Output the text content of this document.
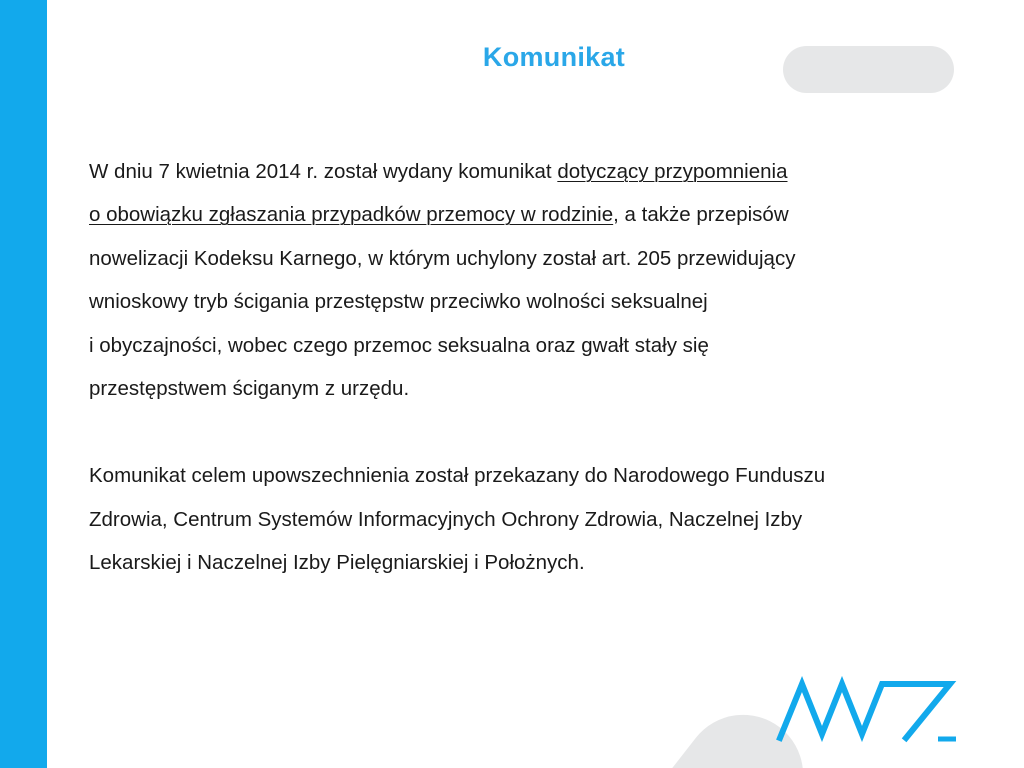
Komunikat
W dniu 7 kwietnia 2014 r. został wydany komunikat dotyczący przypomnienia
o obowiązku zgłaszania przypadków przemocy w rodzinie, a także przepisów
nowelizacji Kodeksu Karnego, w którym uchylony został art. 205 przewidujący
wnioskowy tryb ścigania przestępstw przeciwko wolności seksualnej
i obyczajności, wobec czego przemoc seksualna oraz gwałt stały się
przestępstwem ściganym z urzędu.
Komunikat celem upowszechnienia został przekazany do Narodowego Funduszu
Zdrowia, Centrum Systemów Informacyjnych Ochrony Zdrowia, Naczelnej Izby
Lekarskiej i Naczelnej Izby Pielęgniarskiej i Położnych.
